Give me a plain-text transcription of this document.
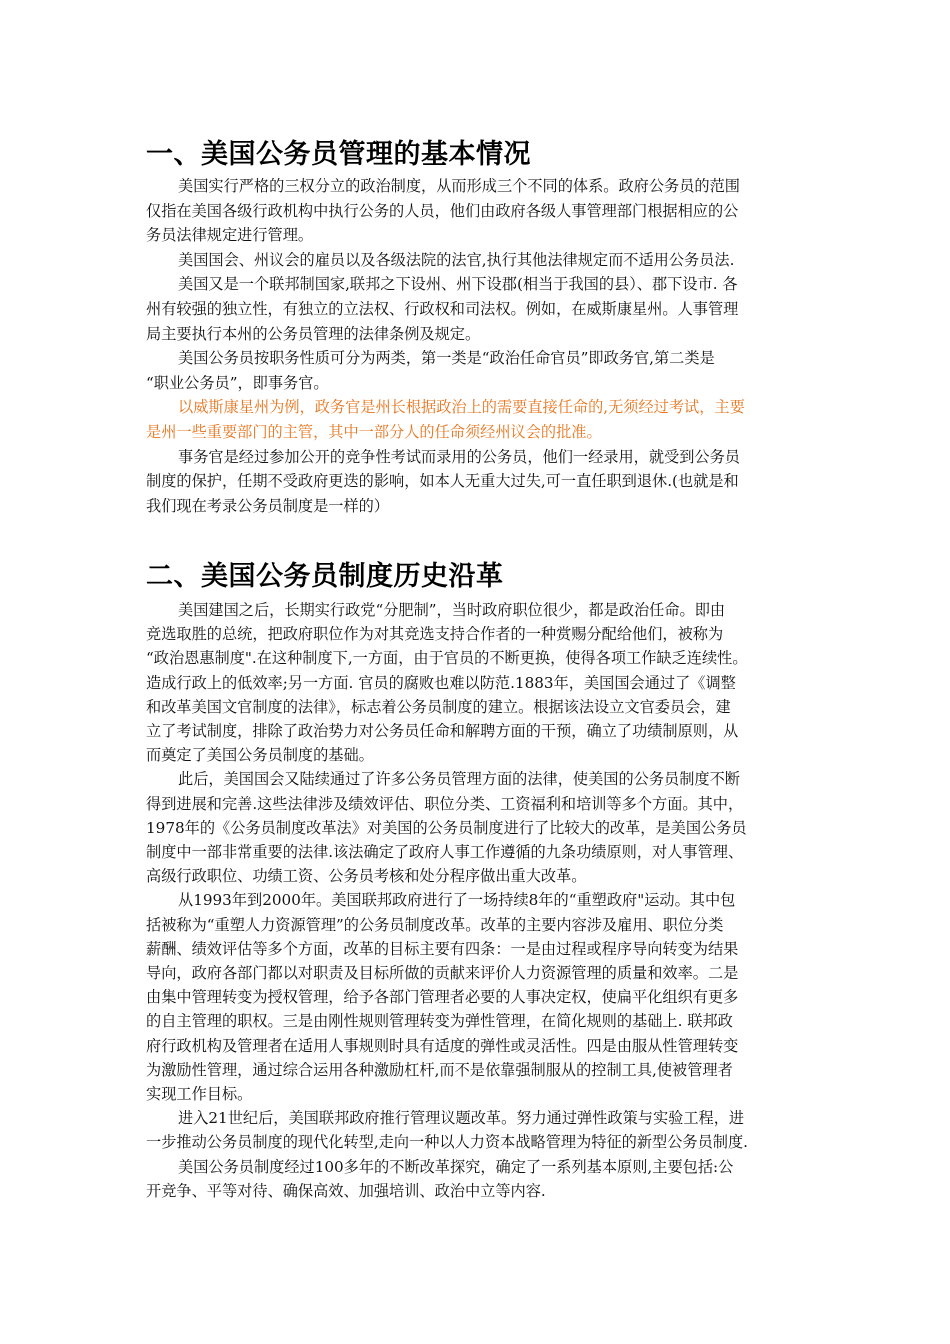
一、美国公务员管理的基本情况
美国实行严格的三权分立的政治制度，从而形成三个不同的体系。政府公务员的范围
仅指在美国各级行政机构中执行公务的人员，他们由政府各级人事管理部门根据相应的公
务员法律规定进行管理。
美国国会、州议会的雇员以及各级法院的法官,执行其他法律规定而不适用公务员法.
美国又是一个联邦制国家,联邦之下设州、州下设郡(相当于我国的县）、郡下设市. 各
州有较强的独立性，有独立的立法权、行政权和司法权。例如，在威斯康星州。人事管理
局主要执行本州的公务员管理的法律条例及规定。
美国公务员按职务性质可分为两类，第一类是“政治任命官员”即政务官,第二类是
“职业公务员”，即事务官。
以威斯康星州为例，政务官是州长根据政治上的需要直接任命的,无须经过考试，主要
是州一些重要部门的主管，其中一部分人的任命须经州议会的批准。
事务官是经过参加公开的竞争性考试而录用的公务员，他们一经录用，就受到公务员
制度的保护，任期不受政府更迭的影响，如本人无重大过失,可一直任职到退休.(也就是和
我们现在考录公务员制度是一样的）
二、美国公务员制度历史沿革
美国建国之后，长期实行政党“分肥制”，当时政府职位很少，都是政治任命。即由
竞选取胜的总统，把政府职位作为对其竞选支持合作者的一种赏赐分配给他们，被称为
“政治恩惠制度".在这种制度下,一方面，由于官员的不断更换，使得各项工作缺乏连续性。
造成行政上的低效率;另一方面. 官员的腐败也难以防范.1883年，美国国会通过了《调整
和改革美国文官制度的法律》，标志着公务员制度的建立。根据该法设立文官委员会，建
立了考试制度，排除了政治势力对公务员任命和解聘方面的干预，确立了功绩制原则，从
而奠定了美国公务员制度的基础。
此后，美国国会又陆续通过了许多公务员管理方面的法律，使美国的公务员制度不断
得到进展和完善.这些法律涉及绩效评估、职位分类、工资福利和培训等多个方面。其中，
1978年的《公务员制度改革法》对美国的公务员制度进行了比较大的改革，是美国公务员
制度中一部非常重要的法律.该法确定了政府人事工作遵循的九条功绩原则，对人事管理、
高级行政职位、功绩工资、公务员考核和处分程序做出重大改革。
从1993年到2000年。美国联邦政府进行了一场持续8年的“重塑政府"运动。其中包
括被称为“重塑人力资源管理”的公务员制度改革。改革的主要内容涉及雇用、职位分类
薪酬、绩效评估等多个方面，改革的目标主要有四条：一是由过程或程序导向转变为结果
导向，政府各部门都以对职责及目标所做的贡献来评价人力资源管理的质量和效率。二是
由集中管理转变为授权管理，给予各部门管理者必要的人事决定权，使扁平化组织有更多
的自主管理的职权。三是由刚性规则管理转变为弹性管理，在简化规则的基础上. 联邦政
府行政机构及管理者在适用人事规则时具有适度的弹性或灵活性。四是由服从性管理转变
为激励性管理，通过综合运用各种激励杠杆,而不是依靠强制服从的控制工具,使被管理者
实现工作目标。
进入21世纪后，美国联邦政府推行管理议题改革。努力通过弹性政策与实验工程，进
一步推动公务员制度的现代化转型,走向一种以人力资本战略管理为特征的新型公务员制度.
美国公务员制度经过100多年的不断改革探究，确定了一系列基本原则,主要包括:公
开竞争、平等对待、确保高效、加强培训、政治中立等内容.
